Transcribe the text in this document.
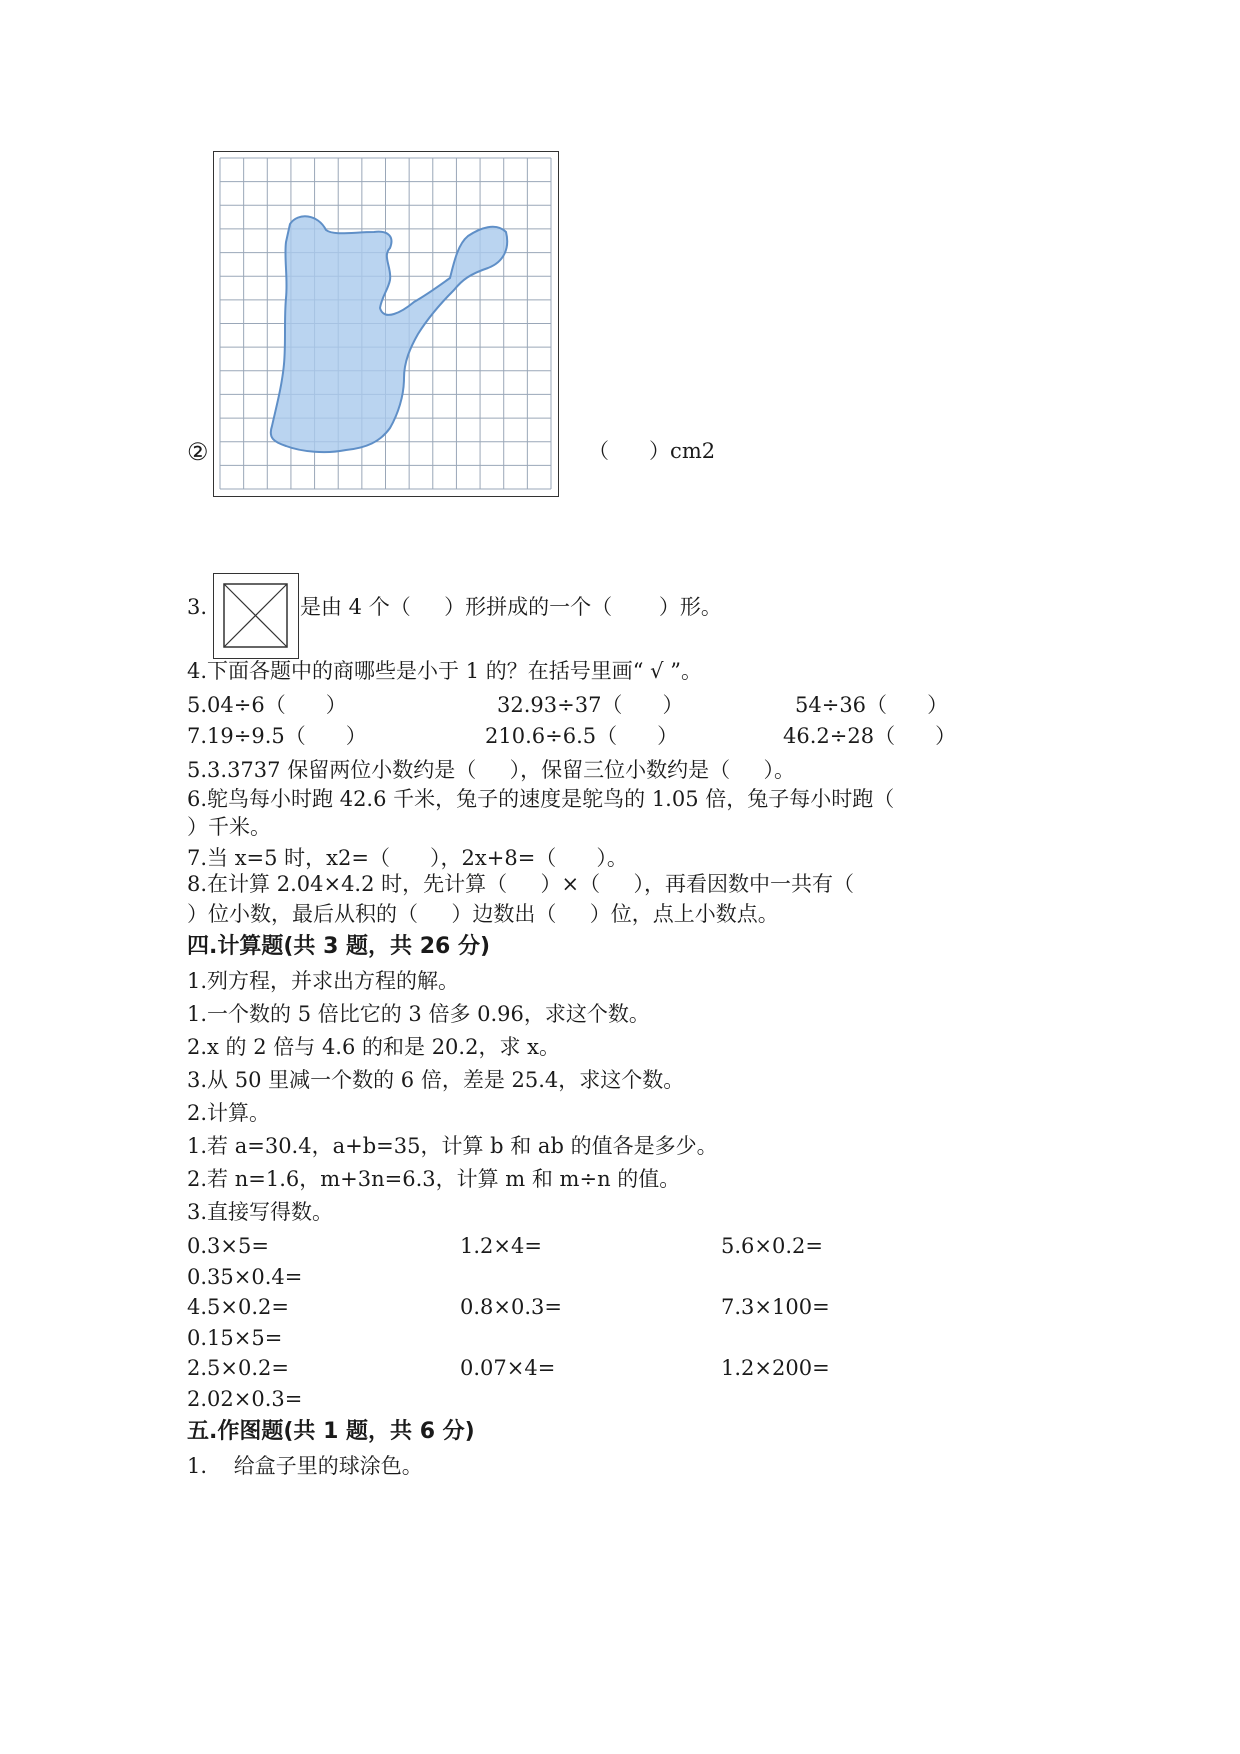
②	（      ）cm2
3.	是由 4 个（     ）形拼成的一个（       ）形。
4.下面各题中的商哪些是小于 1 的？在括号里画“ √ ”。
5.04÷6（      ）	32.93÷37（      ）	54÷36（      ）
7.19÷9.5（      ）	210.6÷6.5（      ）	46.2÷28（      ）
5.3.3737 保留两位小数约是（     ），保留三位小数约是（     ）。
6.鸵鸟每小时跑 42.6 千米，兔子的速度是鸵鸟的 1.05 倍，兔子每小时跑（
）千米。
7.当 x=5 时，x2=（      ），2x+8=（      ）。
8.在计算 2.04×4.2 时，先计算（     ）×（     ），再看因数中一共有（
）位小数，最后从积的（     ）边数出（     ）位，点上小数点。
四.计算题(共 3 题，共 26 分)
1.列方程，并求出方程的解。
1.一个数的 5 倍比它的 3 倍多 0.96，求这个数。
2.x 的 2 倍与 4.6 的和是 20.2，求 x。
3.从 50 里减一个数的 6 倍，差是 25.4，求这个数。
2.计算。
1.若 a=30.4，a+b=35，计算 b 和 ab 的值各是多少。
2.若 n=1.6，m+3n=6.3，计算 m 和 m÷n 的值。
3.直接写得数。
0.3×5=	1.2×4=	5.6×0.2=
0.35×0.4=
4.5×0.2=	0.8×0.3=	7.3×100=
0.15×5=
2.5×0.2=	0.07×4=	1.2×200=
2.02×0.3=
五.作图题(共 1 题，共 6 分)
1.    给盒子里的球涂色。
